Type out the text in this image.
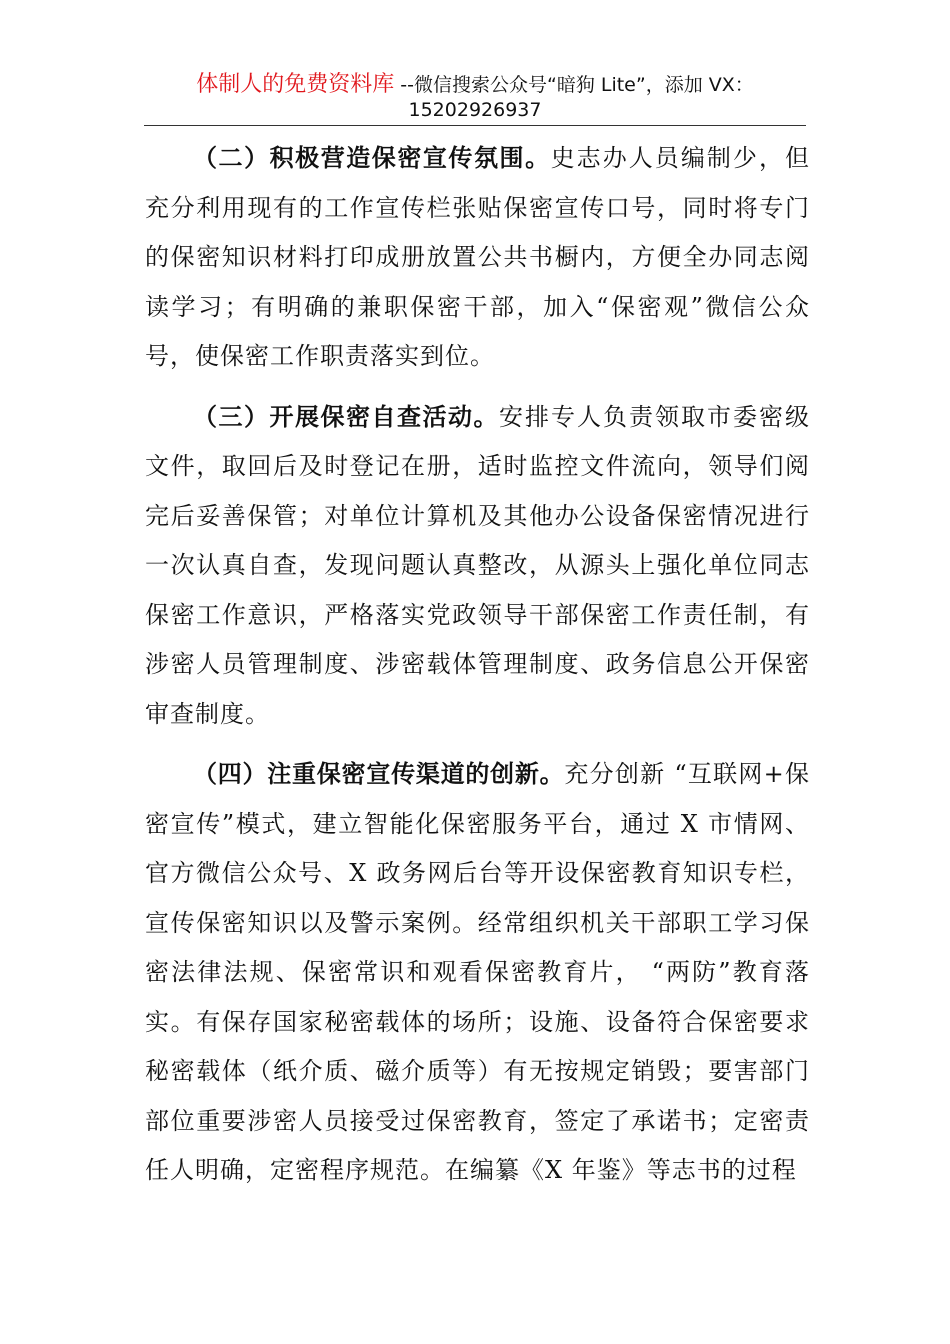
体制人的免费资料库 --微信搜索公众号“暗狗 Lite”，添加 VX：
15202926937

（二）积极营造保密宣传氛围。史志办人员编制少，但充分利用现有的工作宣传栏张贴保密宣传口号，同时将专门的保密知识材料打印成册放置公共书橱内，方便全办同志阅读学习；有明确的兼职保密干部，加入“保密观”微信公众号，使保密工作职责落实到位。

（三）开展保密自查活动。安排专人负责领取市委密级文件，取回后及时登记在册，适时监控文件流向，领导们阅完后妥善保管；对单位计算机及其他办公设备保密情况进行一次认真自查，发现问题认真整改，从源头上强化单位同志保密工作意识，严格落实党政领导干部保密工作责任制，有涉密人员管理制度、涉密载体管理制度、政务信息公开保密审查制度。

（四）注重保密宣传渠道的创新。充分创新 “互联网+保密宣传”模式，建立智能化保密服务平台，通过 X 市情网、官方微信公众号、X 政务网后台等开设保密教育知识专栏，宣传保密知识以及警示案例。经常组织机关干部职工学习保密法律法规、保密常识和观看保密教育片， “两防”教育落实。有保存国家秘密载体的场所；设施、设备符合保密要求秘密载体（纸介质、磁介质等）有无按规定销毁；要害部门部位重要涉密人员接受过保密教育，签定了承诺书；定密责任人明确，定密程序规范。在编纂《X 年鉴》等志书的过程
